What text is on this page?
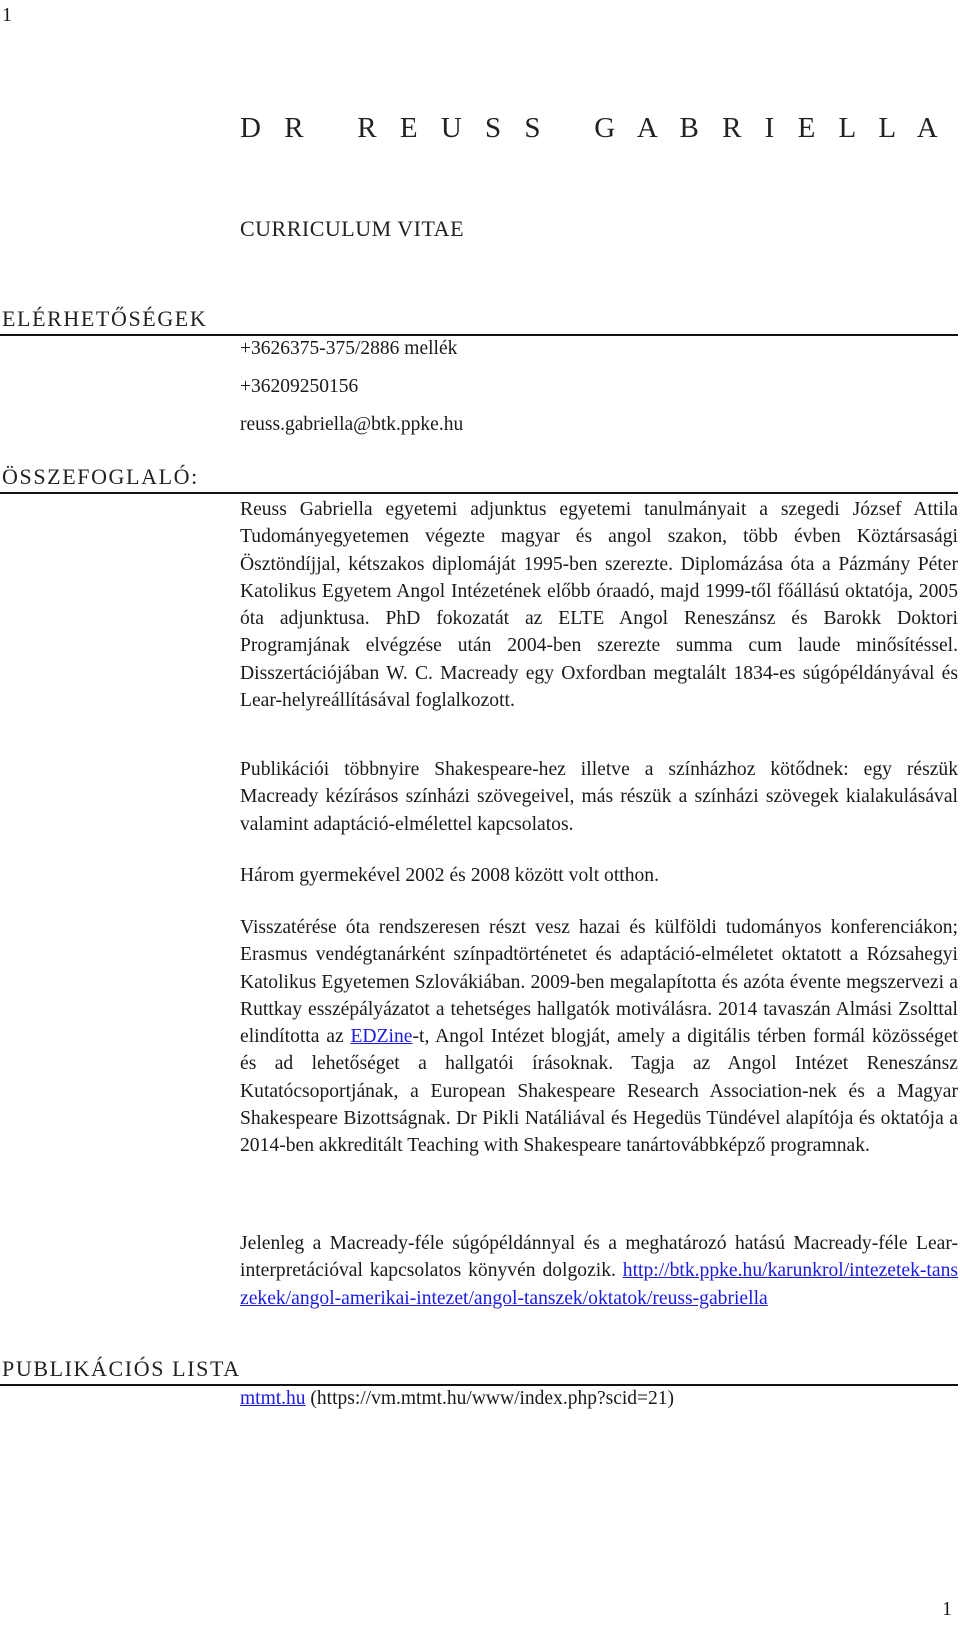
1
D R   R E U S S   G A B R I E L L A
CURRICULUM VITAE
ELÉRHETŐSÉGEK
+3626375-375/2886 mellék
+36209250156
reuss.gabriella@btk.ppke.hu
ÖSSZEFOGLALÓ:
Reuss Gabriella egyetemi adjunktus egyetemi tanulmányait a szegedi József Attila Tudományegyetemen végezte magyar és angol szakon, több évben Köztársasági Ösztöndíjjal, kétszakos diplomáját 1995-ben szerezte. Diplomázása óta a Pázmány Péter Katolikus Egyetem Angol Intézetének előbb óraadó, majd 1999-től főállású oktatója, 2005 óta adjunktusa. PhD fokozatát az ELTE Angol Reneszánsz és Barokk Doktori Programjának elvégzése után 2004-ben szerezte summa cum laude minősítéssel. Disszertációjában W. C. Macready egy Oxfordban megtalált 1834-es súgópéldányával és Lear-helyreállításával foglalkozott.
Publikációi többnyire Shakespeare-hez illetve a színházhoz kötődnek: egy részük Macready kézírásos színházi szövegeivel, más részük a színházi szövegek kialakulásával valamint adaptáció-elmélettel kapcsolatos.
Három gyermekével 2002 és 2008 között volt otthon.
Visszatérése óta rendszeresen részt vesz hazai és külföldi tudományos konferenciákon; Erasmus vendégtanárként színpadtörténetet és adaptáció-elméletet oktatott a Rózsahegyi Katolikus Egyetemen Szlovákiában. 2009-ben megalapította és azóta évente megszervezi a Ruttkay esszépályázatot a tehetséges hallgatók motiválásra. 2014 tavaszán Almási Zsolttal elindította az EDZine-t, Angol Intézet blogját, amely a digitális térben formál közösséget és ad lehetőséget a hallgatói írásoknak. Tagja az Angol Intézet Reneszánsz Kutatócsoportjának, a European Shakespeare Research Association-nek és a Magyar Shakespeare Bizottságnak. Dr Pikli Natáliával és Hegedüs Tündével alapítója és oktatója a 2014-ben akkreditált Teaching with Shakespeare tanártovábbképző programnak.
Jelenleg a Macready-féle súgópéldánnyal és a meghatározó hatású Macready-féle Lear-interpretációval kapcsolatos könyvén dolgozik. http://btk.ppke.hu/karunkrol/intezetek-tanszekek/angol-amerikai-intezet/angol-tanszek/oktatok/reuss-gabriella
PUBLIKÁCIÓS LISTA
mtmt.hu (https://vm.mtmt.hu/www/index.php?scid=21)
1
